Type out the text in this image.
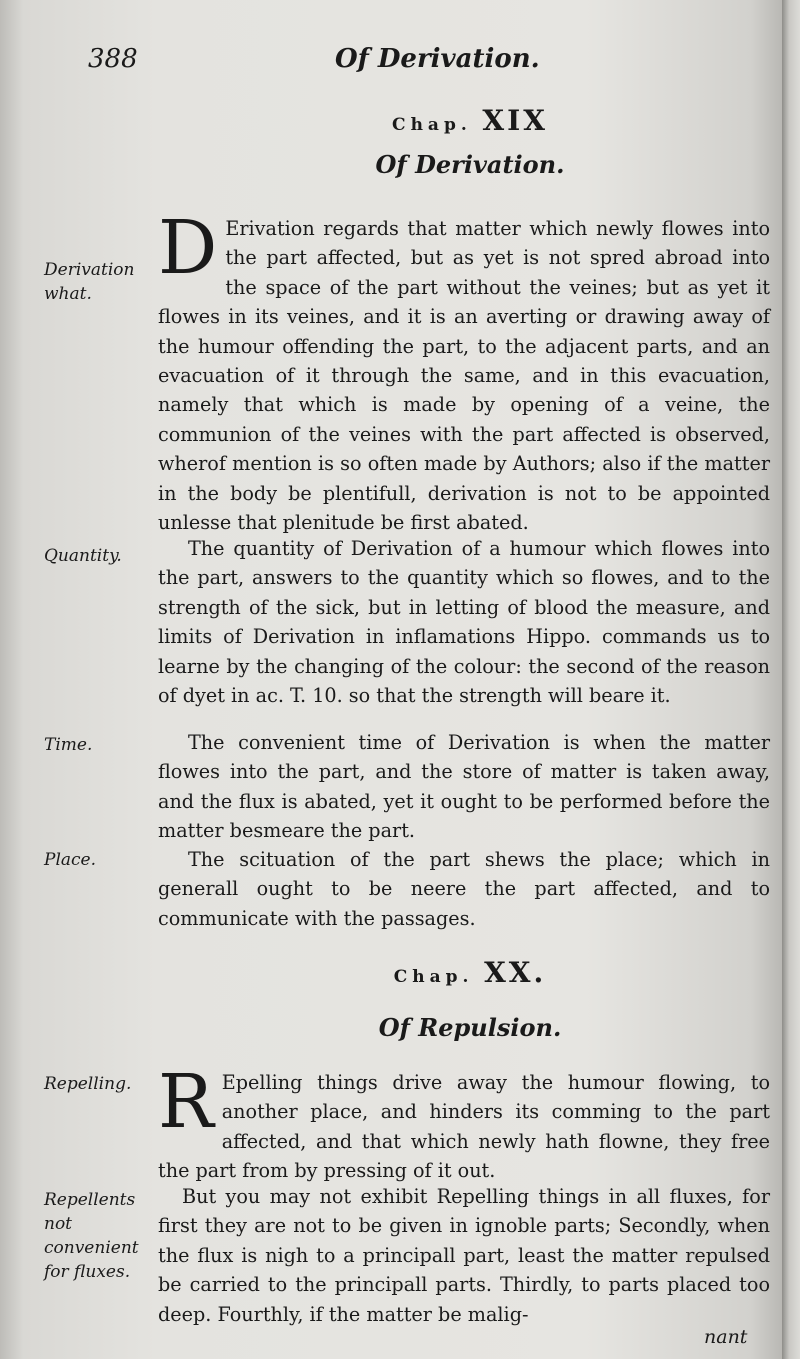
388	Of Derivation.
Chap. XIX
Of Derivation.

D Erivation regards that matter which newly flowes into the part affected, but as yet is not spred abroad into the space of the part without the veines; but as yet it flowes in its veines, and it is an averting or drawing away of the humour offending the part, to the adjacent parts, and an evacuation of it through the same, and in this evacuation, namely that which is made by opening of a veine, the communion of the veines with the part affected is observed, wherof mention is so often made by Authors; also if the matter in the body be plentifull, derivation is not to be appointed unlesse that plenitude be first abated.

The quantity of Derivation of a humour which flowes into the part, answers to the quantity which so flowes, and to the strength of the sick, but in letting of blood the measure, and limits of Derivation in inflamations Hippo. commands us to learne by the changing of the colour: the second of the reason of dyet in ac. T. 10. so that the strength will beare it.

The convenient time of Derivation is when the matter flowes into the part, and the store of matter is taken away, and the flux is abated, yet it ought to be performed before the matter besmeare the part.

The scituation of the part shews the place; which in generall ought to be neere the part affected, and to communicate with the passages.

Chap. XX.
Of Repulsion.

R Epelling things drive away the humour flowing, to another place, and hinders its comming to the part affected, and that which newly hath flowne, they free the part from by pressing of it out.

But you may not exhibit Repelling things in all fluxes, for first they are not to be given in ignoble parts; Secondly, when the flux is nigh to a principall part, least the matter repulsed be carried to the principall parts. Thirdly, to parts placed too deep. Fourthly, if the matter be malig-

Derivation what.
Quantity.
Time.
Place.
Repelling.
Repellents not convenient for fluxes.
nant
